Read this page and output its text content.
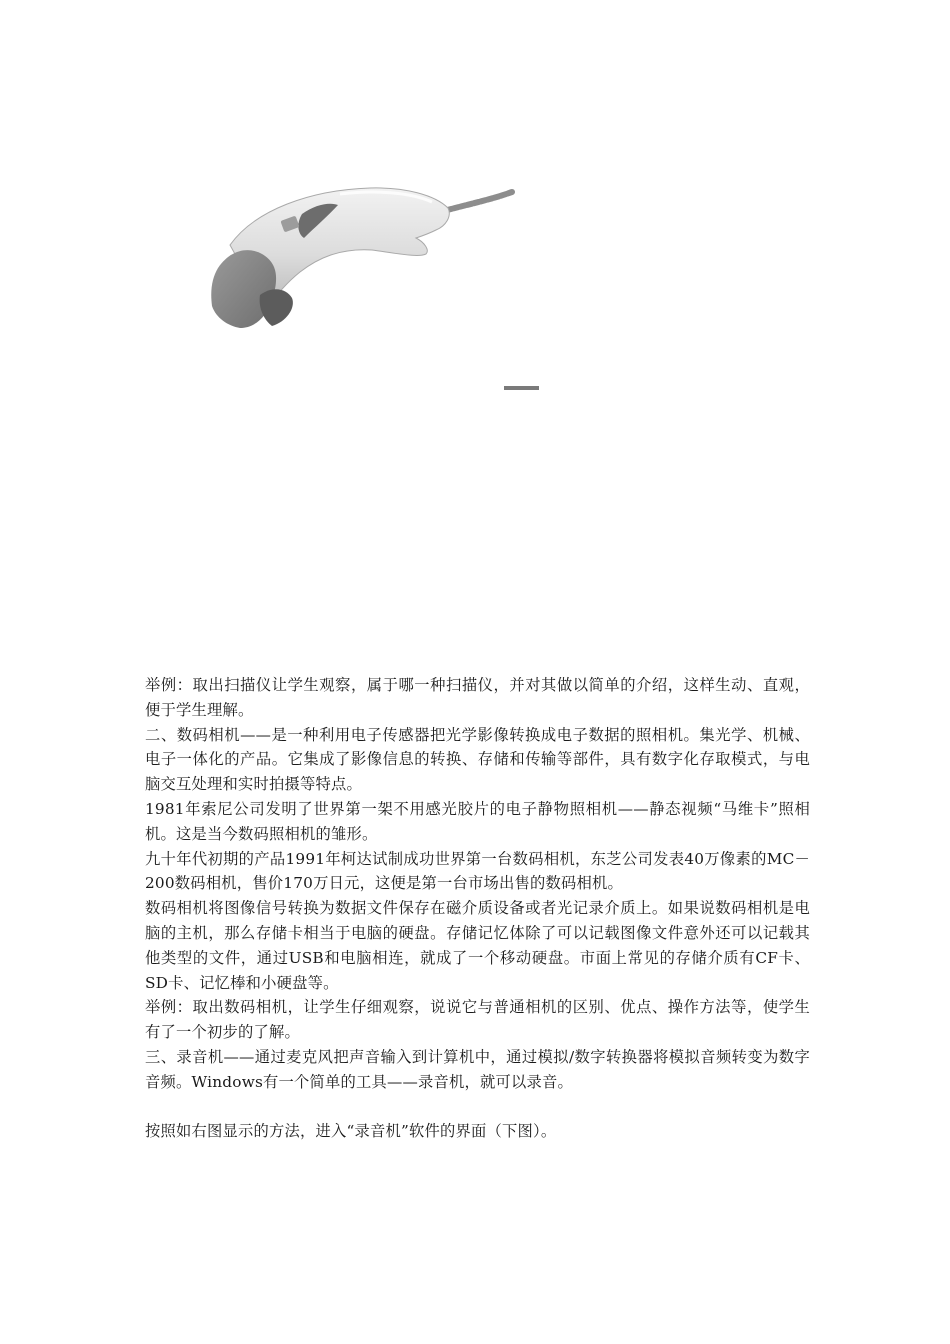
举例：取出扫描仪让学生观察，属于哪一种扫描仪，并对其做以简单的介绍，这样生动、直观，便于学生理解。

二、数码相机——是一种利用电子传感器把光学影像转换成电子数据的照相机。集光学、机械、电子一体化的产品。它集成了影像信息的转换、存储和传输等部件，具有数字化存取模式，与电脑交互处理和实时拍摄等特点。

1981年索尼公司发明了世界第一架不用感光胶片的电子静物照相机——静态视频“马维卡”照相机。这是当今数码照相机的雏形。

九十年代初期的产品1991年柯达试制成功世界第一台数码相机，东芝公司发表40万像素的MC－200数码相机，售价170万日元，这便是第一台市场出售的数码相机。

数码相机将图像信号转换为数据文件保存在磁介质设备或者光记录介质上。如果说数码相机是电脑的主机，那么存储卡相当于电脑的硬盘。存储记忆体除了可以记载图像文件意外还可以记载其他类型的文件，通过USB和电脑相连，就成了一个移动硬盘。市面上常见的存储介质有CF卡、SD卡、记忆棒和小硬盘等。

举例：取出数码相机，让学生仔细观察，说说它与普通相机的区别、优点、操作方法等，使学生有了一个初步的了解。

三、录音机——通过麦克风把声音输入到计算机中，通过模拟/数字转换器将模拟音频转变为数字音频。Windows有一个简单的工具——录音机，就可以录音。

按照如右图显示的方法，进入“录音机”软件的界面（下图）。
